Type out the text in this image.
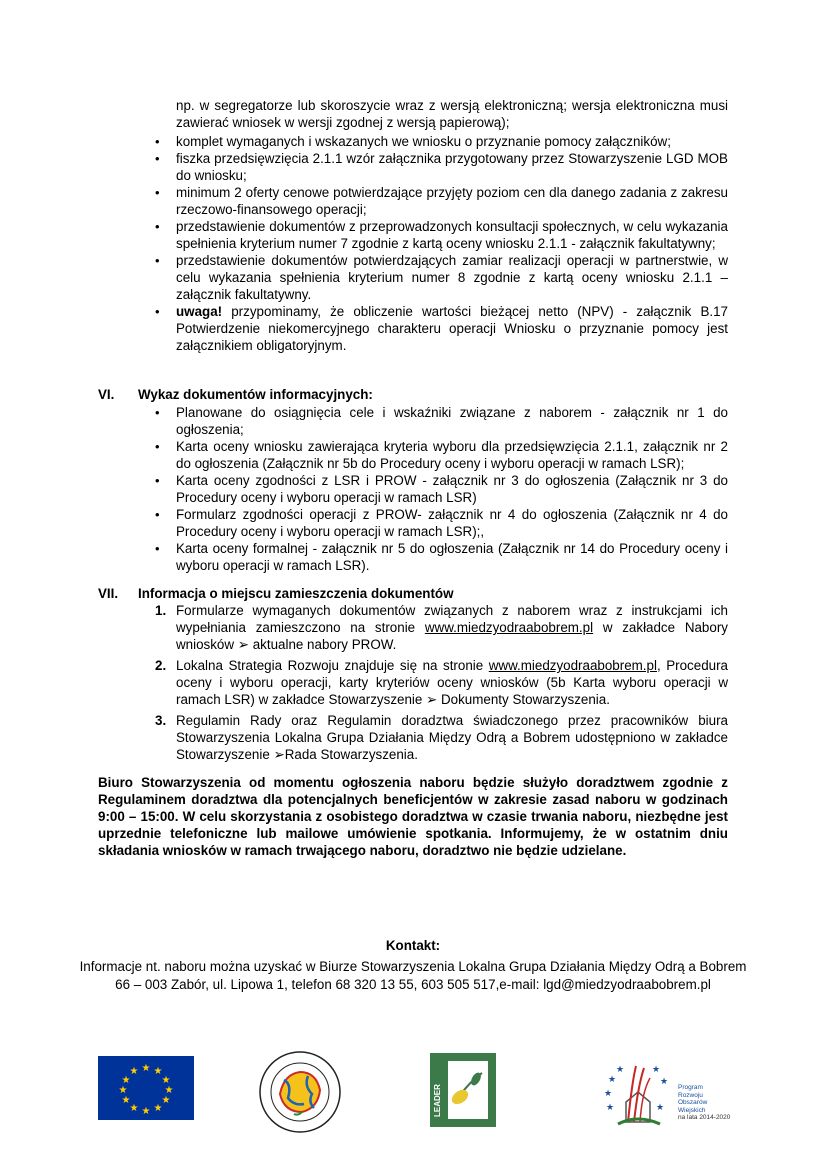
np. w segregatorze lub skoroszycie wraz z wersją elektroniczną; wersja elektroniczna musi zawierać wniosek w wersji zgodnej z wersją papierową);

• komplet wymaganych i wskazanych we wniosku o przyznanie pomocy załączników;
• fiszka przedsięwzięcia 2.1.1 wzór załącznika przygotowany przez Stowarzyszenie LGD MOB do wniosku;
• minimum 2 oferty cenowe potwierdzające przyjęty poziom cen dla danego zadania z zakresu rzeczowo-finansowego operacji;
• przedstawienie dokumentów z przeprowadzonych konsultacji społecznych, w celu wykazania spełnienia kryterium numer 7 zgodnie z kartą oceny wniosku 2.1.1 - załącznik fakultatywny;
• przedstawienie dokumentów potwierdzających zamiar realizacji operacji w partnerstwie, w celu wykazania spełnienia kryterium numer 8 zgodnie z kartą oceny wniosku 2.1.1 – załącznik fakultatywny.
• uwaga! przypominamy, że obliczenie wartości bieżącej netto (NPV) - załącznik B.17 Potwierdzenie niekomercyjnego charakteru operacji Wniosku o przyznanie pomocy jest załącznikiem obligatoryjnym.
VI. Wykaz dokumentów informacyjnych:
• Planowane do osiągnięcia cele i wskaźniki związane z naborem - załącznik nr 1 do ogłoszenia;
• Karta oceny wniosku zawierająca kryteria wyboru dla przedsięwzięcia 2.1.1, załącznik nr 2 do ogłoszenia (Załącznik nr 5b do Procedury oceny i wyboru operacji w ramach LSR);
• Karta oceny zgodności z LSR i PROW - załącznik nr 3 do ogłoszenia (Załącznik nr 3 do Procedury oceny i wyboru operacji w ramach LSR)
• Formularz zgodności operacji z PROW- załącznik nr 4 do ogłoszenia (Załącznik nr 4 do Procedury oceny i wyboru operacji w ramach LSR);,
• Karta oceny formalnej - załącznik nr 5 do ogłoszenia (Załącznik nr 14 do Procedury oceny i wyboru operacji w ramach LSR).
VII. Informacja o miejscu zamieszczenia dokumentów
1. Formularze wymaganych dokumentów związanych z naborem wraz z instrukcjami ich wypełniania zamieszczono na stronie www.miedzyodraabobrem.pl w zakładce Nabory wniosków ➢ aktualne nabory PROW.
2. Lokalna Strategia Rozwoju znajduje się na stronie www.miedzyodraabobrem.pl, Procedura oceny i wyboru operacji, karty kryteriów oceny wniosków (5b Karta wyboru operacji w ramach LSR) w zakładce Stowarzyszenie ➢ Dokumenty Stowarzyszenia.
3. Regulamin Rady oraz Regulamin doradztwa świadczonego przez pracowników biura Stowarzyszenia Lokalna Grupa Działania Między Odrą a Bobrem udostępniono w zakładce Stowarzyszenie ➢Rada Stowarzyszenia.

Biuro Stowarzyszenia od momentu ogłoszenia naboru będzie służyło doradztwem zgodnie z Regulaminem doradztwa dla potencjalnych beneficjentów w zakresie zasad naboru w godzinach 9:00 – 15:00. W celu skorzystania z osobistego doradztwa w czasie trwania naboru, niezbędne jest uprzednie telefoniczne lub mailowe umówienie spotkania. Informujemy, że w ostatnim dniu składania wniosków w ramach trwającego naboru, doradztwo nie będzie udzielane.

Kontakt:
Informacje nt. naboru można uzyskać w Biurze Stowarzyszenia Lokalna Grupa Działania Między Odrą a Bobrem
66 – 003 Zabór, ul. Lipowa 1, telefon 68 320 13 55, 603 505 517,e-mail: lgd@miedzyodraabobrem.pl
★ ★
★
★
★
★
★
★
★
★
★
★
LEADER
★
★
★
★	★
★
★
Program
Rozwoju
Obszarów
Wiejskich
na lata 2014-2020
